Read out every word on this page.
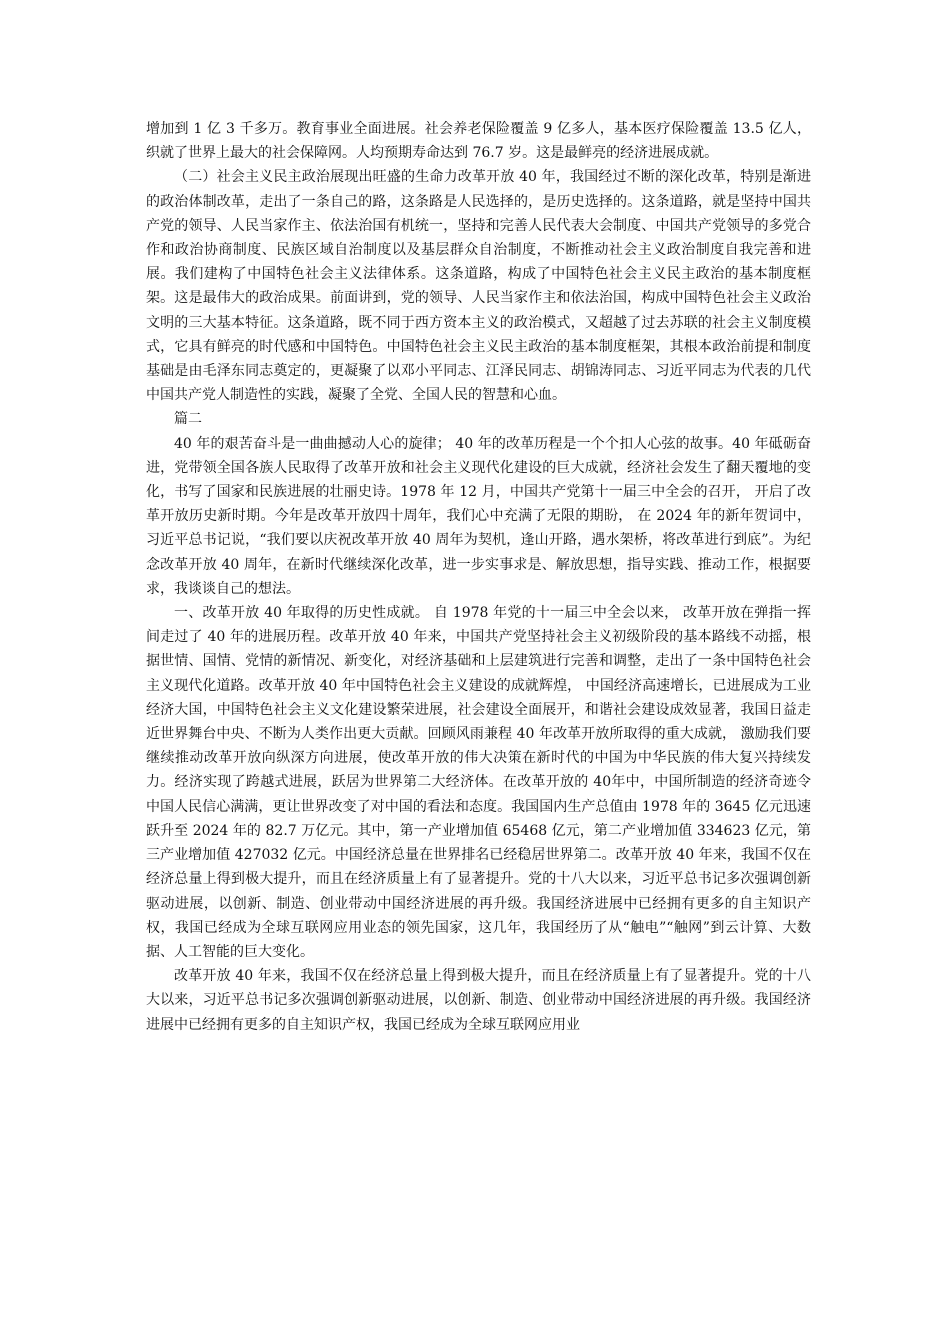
增加到 1 亿 3 千多万。教育事业全面进展。社会养老保险覆盖 9 亿多人，基本医疗保险覆盖 13.5 亿人，织就了世界上最大的社会保障网。人均预期寿命达到 76.7 岁。这是最鲜亮的经济进展成就。

（二）社会主义民主政治展现出旺盛的生命力改革开放 40 年，我国经过不断的深化改革，特别是渐进的政治体制改革，走出了一条自己的路，这条路是人民选择的，是历史选择的。这条道路，就是坚持中国共产党的领导、人民当家作主、依法治国有机统一，坚持和完善人民代表大会制度、中国共产党领导的多党合作和政治协商制度、民族区域自治制度以及基层群众自治制度，不断推动社会主义政治制度自我完善和进展。我们建构了中国特色社会主义法律体系。这条道路，构成了中国特色社会主义民主政治的基本制度框架。这是最伟大的政治成果。前面讲到，党的领导、人民当家作主和依法治国，构成中国特色社会主义政治文明的三大基本特征。这条道路，既不同于西方资本主义的政治模式，又超越了过去苏联的社会主义制度模式，它具有鲜亮的时代感和中国特色。中国特色社会主义民主政治的基本制度框架，其根本政治前提和制度基础是由毛泽东同志奠定的，更凝聚了以邓小平同志、江泽民同志、胡锦涛同志、习近平同志为代表的几代中国共产党人制造性的实践，凝聚了全党、全国人民的智慧和心血。

篇二

40 年的艰苦奋斗是一曲曲撼动人心的旋律； 40 年的改革历程是一个个扣人心弦的故事。40 年砥砺奋进，党带领全国各族人民取得了改革开放和社会主义现代化建设的巨大成就，经济社会发生了翻天覆地的变化，书写了国家和民族进展的壮丽史诗。1978 年 12 月，中国共产党第十一届三中全会的召开， 开启了改革开放历史新时期。今年是改革开放四十周年，我们心中充满了无限的期盼， 在 2024 年的新年贺词中， 习近平总书记说，“我们要以庆祝改革开放 40 周年为契机，逢山开路，遇水架桥，将改革进行到底”。为纪念改革开放 40 周年，在新时代继续深化改革，进一步实事求是、解放思想，指导实践、推动工作，根据要求，我谈谈自己的想法。

一、改革开放 40 年取得的历史性成就。 自 1978 年党的十一届三中全会以来， 改革开放在弹指一挥间走过了 40 年的进展历程。改革开放 40 年来，中国共产党坚持社会主义初级阶段的基本路线不动摇，根据世情、国情、党情的新情况、新变化，对经济基础和上层建筑进行完善和调整，走出了一条中国特色社会主义现代化道路。改革开放 40 年中国特色社会主义建设的成就辉煌， 中国经济高速增长，已进展成为工业经济大国，中国特色社会主义文化建设繁荣进展，社会建设全面展开，和谐社会建设成效显著，我国日益走近世界舞台中央、不断为人类作出更大贡献。回顾风雨兼程 40 年改革开放所取得的重大成就， 激励我们要继续推动改革开放向纵深方向进展，使改革开放的伟大决策在新时代的中国为中华民族的伟大复兴持续发力。经济实现了跨越式进展，跃居为世界第二大经济体。在改革开放的 40年中，中国所制造的经济奇迹令中国人民信心满满，更让世界改变了对中国的看法和态度。我国国内生产总值由 1978 年的 3645 亿元迅速跃升至 2024 年的 82.7 万亿元。其中，第一产业增加值 65468 亿元，第二产业增加值 334623 亿元，第三产业增加值 427032 亿元。中国经济总量在世界排名已经稳居世界第二。改革开放 40 年来，我国不仅在经济总量上得到极大提升，而且在经济质量上有了显著提升。党的十八大以来，习近平总书记多次强调创新驱动进展，以创新、制造、创业带动中国经济进展的再升级。我国经济进展中已经拥有更多的自主知识产权，我国已经成为全球互联网应用业态的领先国家，这几年，我国经历了从“触电”“触网”到云计算、大数据、人工智能的巨大变化。

改革开放 40 年来，我国不仅在经济总量上得到极大提升，而且在经济质量上有了显著提升。党的十八大以来，习近平总书记多次强调创新驱动进展，以创新、制造、创业带动中国经济进展的再升级。我国经济进展中已经拥有更多的自主知识产权，我国已经成为全球互联网应用业
